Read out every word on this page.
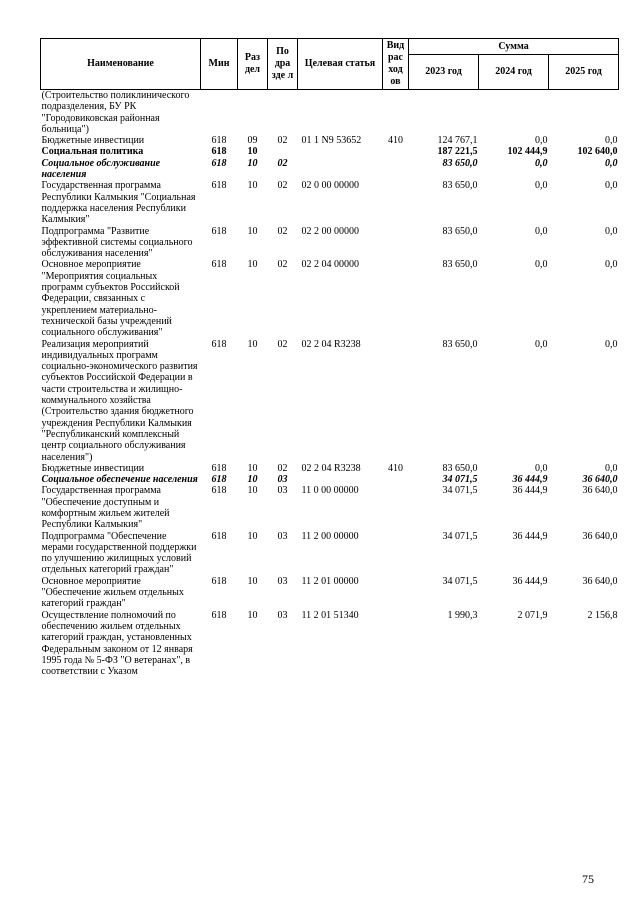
Наименование	Мин	Раз дел	По дра зде л	Целевая статья	Вид рас ход ов	Сумма		
						2023 год	2024 год	2025 год
(Строительство поликлинического подразделения, БУ РК "Городовиковская районная больница")								
Бюджетные инвестиции	618	09	02	01 1 N9 53652	410	124 767,1	0,0	0,0
Социальная политика	618	10				187 221,5	102 444,9	102 640,0
Социальное обслуживание населения	618	10	02			83 650,0	0,0	0,0
Государственная программа Республики Калмыкия "Социальная поддержка населения Республики Калмыкия"	618	10	02	02 0 00 00000		83 650,0	0,0	0,0
Подпрограмма "Развитие эффективной системы социального обслуживания населения"	618	10	02	02 2 00 00000		83 650,0	0,0	0,0
Основное мероприятие "Мероприятия социальных программ субъектов Российской Федерации, связанных с укреплением материально-технической базы учреждений социального обслуживания"	618	10	02	02 2 04 00000		83 650,0	0,0	0,0
Реализация мероприятий индивидуальных программ социально-экономического развития субъектов Российской Федерации в части строительства и жилищно-коммунального хозяйства (Строительство здания бюджетного учреждения Республики Калмыкия "Республиканский комплексный центр социального обслуживания населения")	618	10	02	02 2 04 R3238		83 650,0	0,0	0,0
Бюджетные инвестиции	618	10	02	02 2 04 R3238	410	83 650,0	0,0	0,0
Социальное обеспечение населения	618	10	03			34 071,5	36 444,9	36 640,0
Государственная программа "Обеспечение доступным и комфортным жильем жителей Республики Калмыкия"	618	10	03	11 0 00 00000		34 071,5	36 444,9	36 640,0
Подпрограмма "Обеспечение мерами государственной поддержки по улучшению жилищных условий отдельных категорий граждан"	618	10	03	11 2 00 00000		34 071,5	36 444,9	36 640,0
Основное мероприятие "Обеспечение жильем отдельных категорий граждан"	618	10	03	11 2 01 00000		34 071,5	36 444,9	36 640,0
Осуществление полномочий по обеспечению жильем отдельных категорий граждан, установленных Федеральным законом от 12 января 1995 года № 5-ФЗ "О ветеранах", в соответствии с Указом	618	10	03	11 2 01 51340		1 990,3	2 071,9	2 156,8
75
